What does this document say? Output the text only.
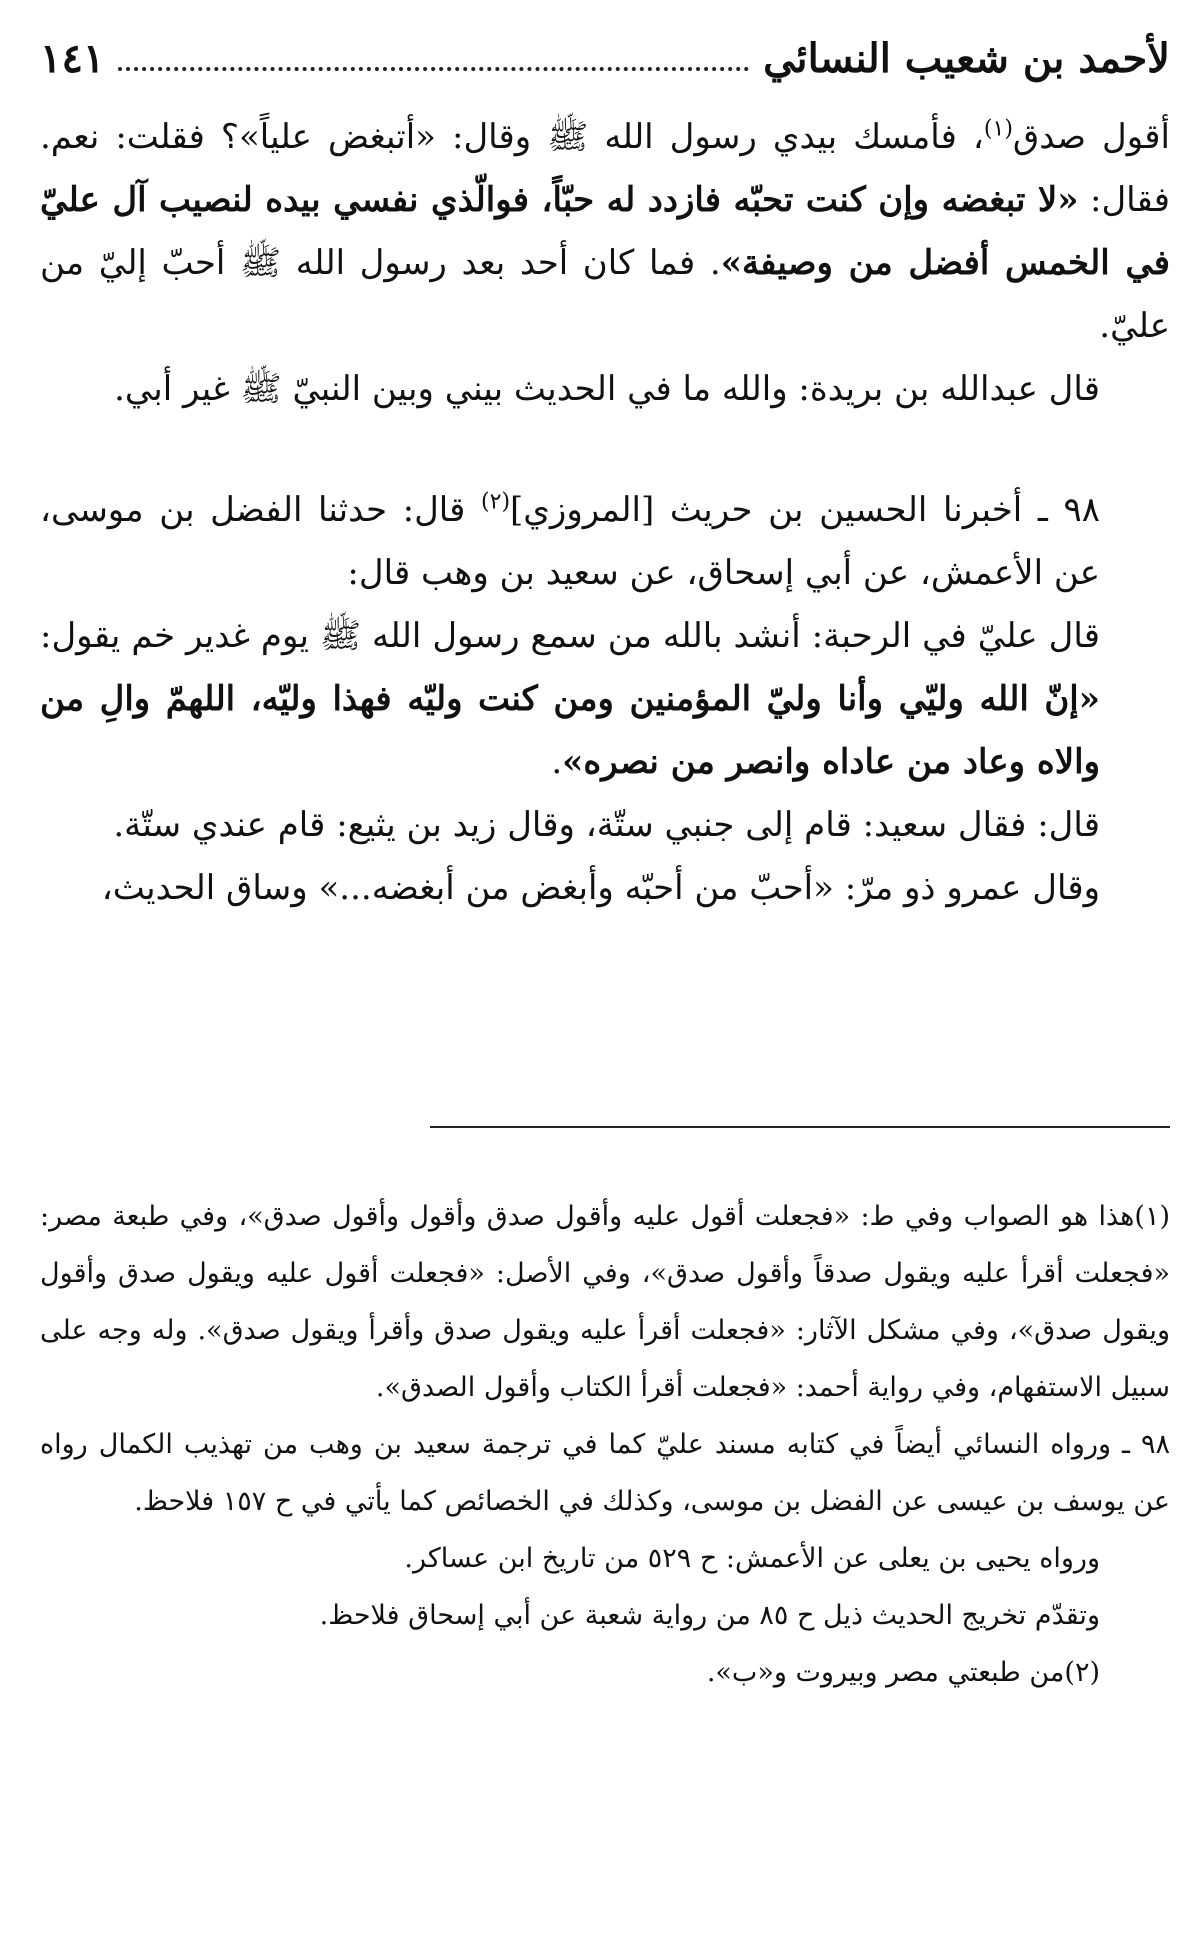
لأحمد بن شعيب النسائي
١٤١

أقول صدق$^{(١)}$، فأمسك بيدي رسول الله ﷺ وقال: «أتبغض علياً»؟ فقلت: نعم. فقال: «لا تبغضه وإن كنت تحبّه فازدد له حبّاً، فوالّذي نفسي بيده لنصيب آل عليّ في الخمس أفضل من وصيفة». فما كان أحد بعد رسول الله ﷺ أحبّ إليّ من عليّ.

قال عبدالله بن بريدة: والله ما في الحديث بيني وبين النبيّ ﷺ غير أبي.

٩٨ ـ أخبرنا الحسين بن حريث [المروزي]$^{(٢)}$ قال: حدثنا الفضل بن موسى، عن الأعمش، عن أبي إسحاق، عن سعيد بن وهب قال:

قال عليّ في الرحبة: أنشد بالله من سمع رسول الله ﷺ يوم غدير خم يقول: «إنّ الله وليّي وأنا وليّ المؤمنين ومن كنت وليّه فهذا وليّه، اللهمّ والِ من والاه وعاد من عاداه وانصر من نصره».

قال: فقال سعيد: قام إلى جنبي ستّة، وقال زيد بن يثيع: قام عندي ستّة.

وقال عمرو ذو مرّ: «أحبّ من أحبّه وأبغض من أبغضه...» وساق الحديث،

(١)هذا هو الصواب وفي ط: «فجعلت أقول عليه وأقول صدق وأقول وأقول صدق»، وفي طبعة مصر: «فجعلت أقرأ عليه ويقول صدقاً وأقول صدق»، وفي الأصل: «فجعلت أقول عليه ويقول صدق وأقول ويقول صدق»، وفي مشكل الآثار: «فجعلت أقرأ عليه ويقول صدق وأقرأ ويقول صدق». وله وجه على سبيل الاستفهام، وفي رواية أحمد: «فجعلت أقرأ الكتاب وأقول الصدق».

٩٨ ـ ورواه النسائي أيضاً في كتابه مسند عليّ كما في ترجمة سعيد بن وهب من تهذيب الكمال رواه عن يوسف بن عيسى عن الفضل بن موسى، وكذلك في الخصائص كما يأتي في ح ١٥٧ فلاحظ.

ورواه يحيى بن يعلى عن الأعمش: ح ٥٢٩ من تاريخ ابن عساكر.

وتقدّم تخريج الحديث ذيل ح ٨٥ من رواية شعبة عن أبي إسحاق فلاحظ.

(٢)من طبعتي مصر وبيروت و«ب».
